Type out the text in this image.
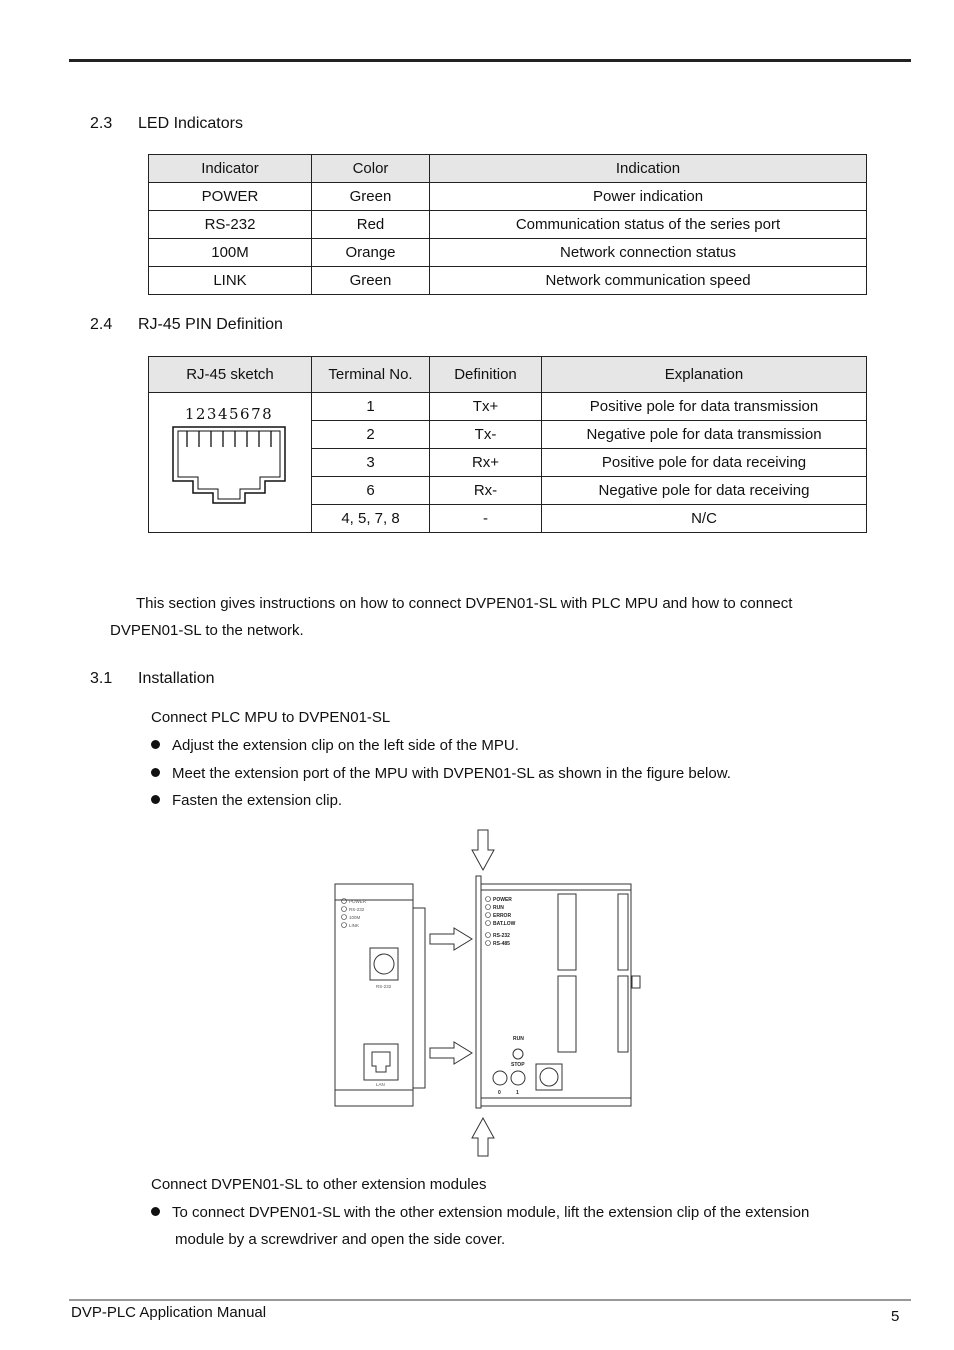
2.3 LED Indicators
Indicator	Color	Indication
POWER	Green	Power indication
RS-232	Red	Communication status of the series port
100M	Orange	Network connection status
LINK	Green	Network communication speed
2.4 RJ-45 PIN Definition
RJ-45 sketch	Terminal No.	Definition	Explanation

12345678	1	Tx+	Positive pole for data transmission
	2	Tx-	Negative pole for data transmission
	3	Rx+	Positive pole for data receiving
	6	Rx-	Negative pole for data receiving
	4, 5, 7, 8	-	N/C
This section gives instructions on how to connect DVPEN01-SL with PLC MPU and how to connect
DVPEN01-SL to the network.
3.1 Installation
Connect PLC MPU to DVPEN01-SL
Adjust the extension clip on the left side of the MPU.
Meet the extension port of the MPU with DVPEN01-SL as shown in the figure below.
Fasten the extension clip.
POWER
RS-232
100M
LINK
RS-232
LAN
POWER
RUN
ERROR
BAT.LOW
RS-232
RS-485
RUN
STOP
0	1
Connect DVPEN01-SL to other extension modules
To connect DVPEN01-SL with the other extension module, lift the extension clip of the extension
module by a screwdriver and open the side cover.
DVP-PLC Application Manual	5
